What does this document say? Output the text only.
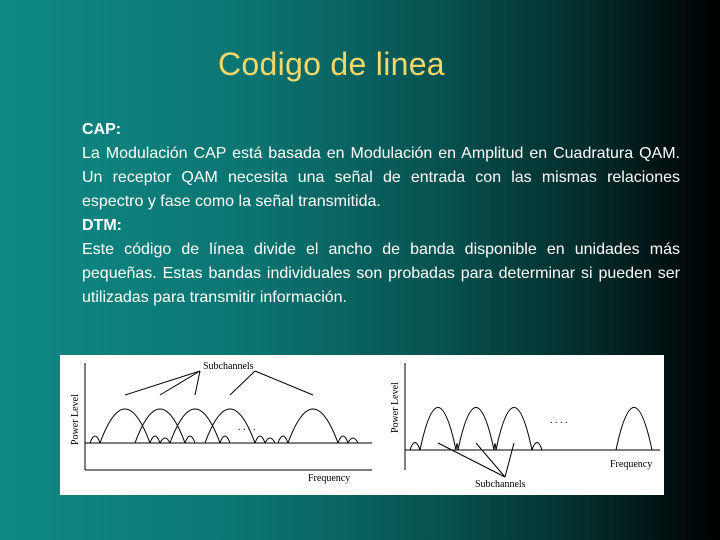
Codigo de linea

CAP:

La Modulación CAP está basada en Modulación en Amplitud en Cuadratura QAM. Un receptor QAM necesita una señal de entrada con las mismas relaciones espectro y fase como la señal transmitida.

DTM:

Este código de línea divide el ancho de banda disponible en unidades más pequeñas. Estas bandas individuales son probadas para determinar si pueden ser utilizadas para transmitir información.

Power Level
Subchannels
. . . .
Frequency
Power Level	. . . .
Frequency
Subchannels
